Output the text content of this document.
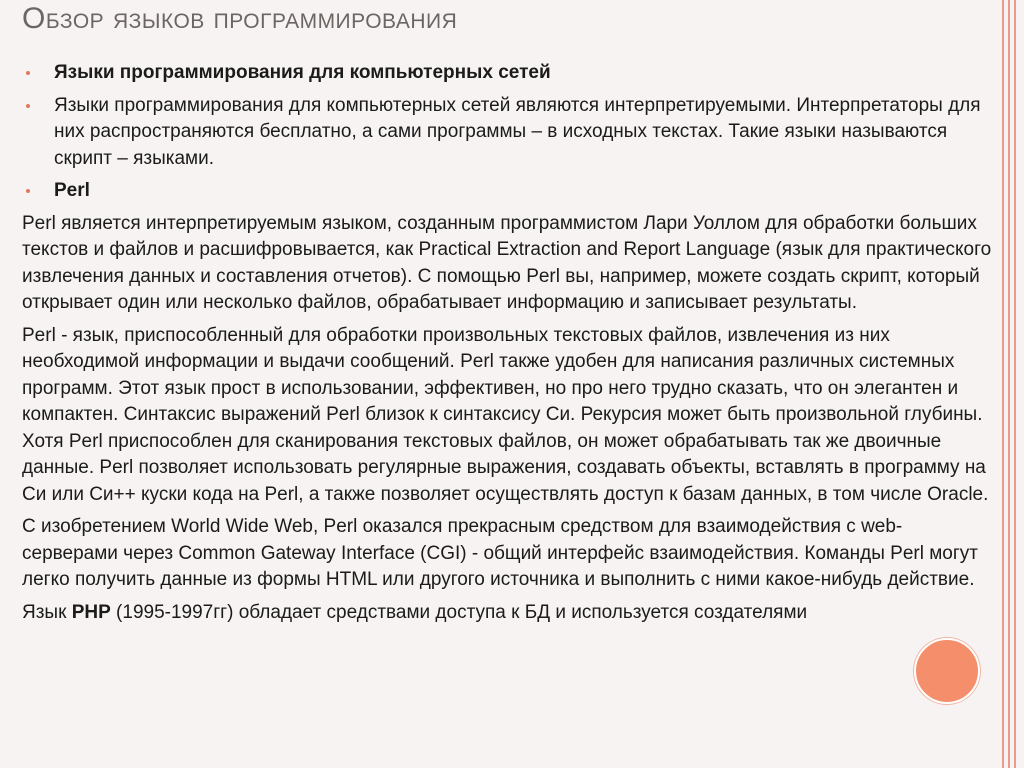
Обзор языков программирования
Языки программирования для компьютерных сетей
Языки программирования для компьютерных сетей являются интерпретируемыми. Интерпретаторы для них распространяются бесплатно, а сами программы – в исходных текстах. Такие языки называются скрипт – языками.
Perl

Perl является интерпретируемым языком, созданным программистом Лари Уоллом для обработки больших текстов и файлов и расшифровывается, как Practical Extraction and Report Language (язык для практического извлечения данных и составления отчетов). С помощью Perl вы, например, можете создать скрипт, который открывает один или несколько файлов, обрабатывает информацию и записывает результаты.

Perl - язык, приспособленный для обработки произвольных текстовых файлов, извлечения из них необходимой информации и выдачи сообщений. Perl также удобен для написания различных системных программ. Этот язык прост в использовании, эффективен, но про него трудно сказать, что он элегантен и компактен. Синтаксис выражений Perl близок к синтаксису Си. Рекурсия может быть произвольной глубины. Хотя Perl приспособлен для сканирования текстовых файлов, он может обрабатывать так же двоичные данные. Perl позволяет использовать регулярные выражения, создавать объекты, вставлять в программу на Си или Си++ куски кода на Perl, а также позволяет осуществлять доступ к базам данных, в том числе Oracle.

С изобретением World Wide Web, Perl оказался прекрасным средством для взаимодействия с web-серверами через Common Gateway Interface (CGI) - общий интерфейс взаимодействия. Команды Perl могут легко получить данные из формы HTML или другого источника и выполнить с ними какое-нибудь действие.

Язык PHP (1995-1997гг) обладает средствами доступа к БД и используется создателями
